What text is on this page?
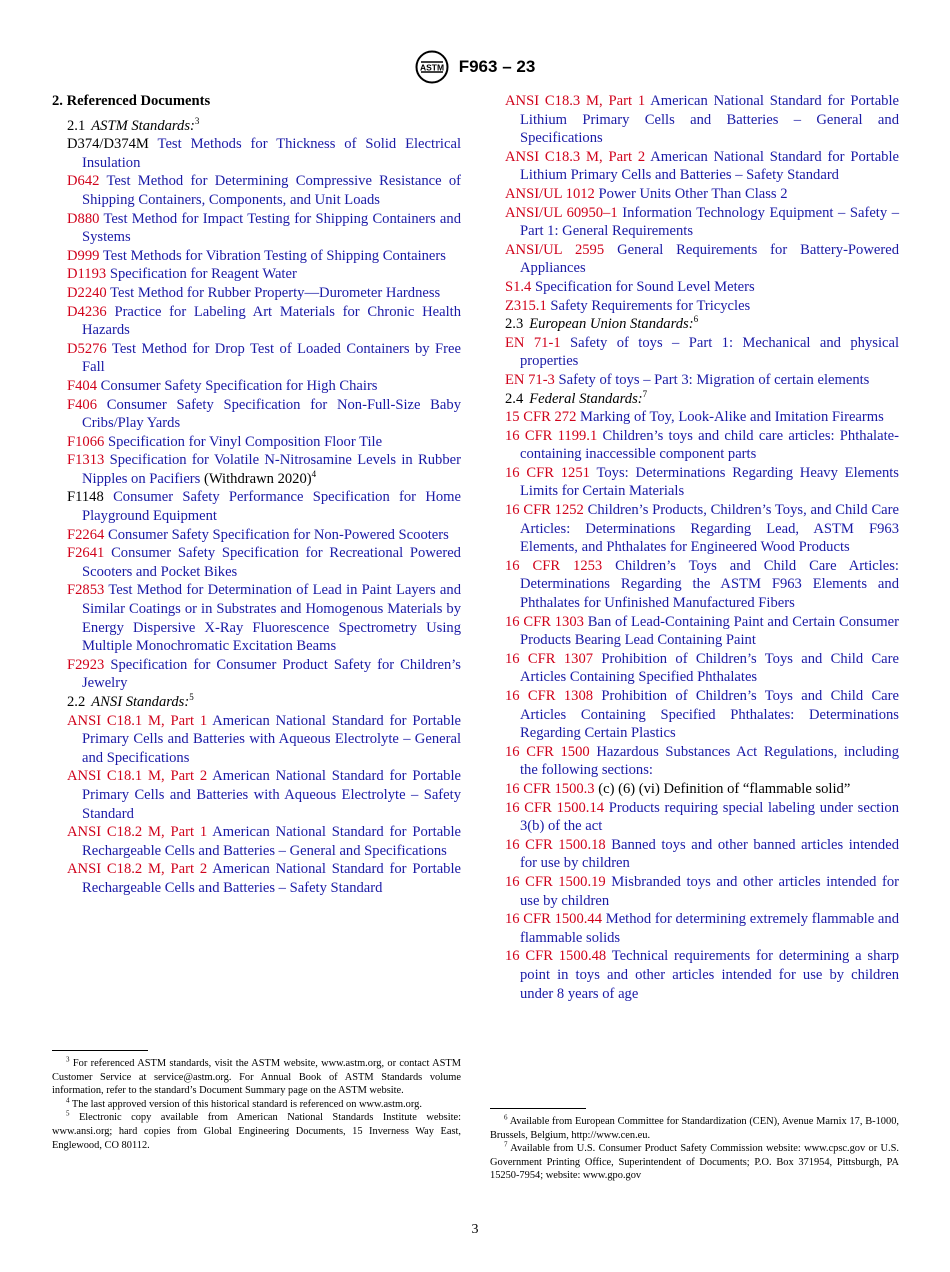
ASTM F963 – 23
2. Referenced Documents
2.1 ASTM Standards:$^3$
D374/D374M Test Methods for Thickness of Solid Electrical Insulation
D642 Test Method for Determining Compressive Resistance of Shipping Containers, Components, and Unit Loads
D880 Test Method for Impact Testing for Shipping Containers and Systems
D999 Test Methods for Vibration Testing of Shipping Containers
D1193 Specification for Reagent Water
D2240 Test Method for Rubber Property—Durometer Hardness
D4236 Practice for Labeling Art Materials for Chronic Health Hazards
D5276 Test Method for Drop Test of Loaded Containers by Free Fall
F404 Consumer Safety Specification for High Chairs
F406 Consumer Safety Specification for Non-Full-Size Baby Cribs/Play Yards
F1066 Specification for Vinyl Composition Floor Tile
F1313 Specification for Volatile N-Nitrosamine Levels in Rubber Nipples on Pacifiers (Withdrawn 2020)$^4$
F1148 Consumer Safety Performance Specification for Home Playground Equipment
F2264 Consumer Safety Specification for Non-Powered Scooters
F2641 Consumer Safety Specification for Recreational Powered Scooters and Pocket Bikes
F2853 Test Method for Determination of Lead in Paint Layers and Similar Coatings or in Substrates and Homogenous Materials by Energy Dispersive X-Ray Fluorescence Spectrometry Using Multiple Monochromatic Excitation Beams
F2923 Specification for Consumer Product Safety for Children’s Jewelry
2.2 ANSI Standards:$^5$
ANSI C18.1 M, Part 1 American National Standard for Portable Primary Cells and Batteries with Aqueous Electrolyte – General and Specifications
ANSI C18.1 M, Part 2 American National Standard for Portable Primary Cells and Batteries with Aqueous Electrolyte – Safety Standard
ANSI C18.2 M, Part 1 American National Standard for Portable Rechargeable Cells and Batteries – General and Specifications
ANSI C18.2 M, Part 2 American National Standard for Portable Rechargeable Cells and Batteries – Safety Standard
ANSI C18.3 M, Part 1 American National Standard for Portable Lithium Primary Cells and Batteries – General and Specifications
ANSI C18.3 M, Part 2 American National Standard for Portable Lithium Primary Cells and Batteries – Safety Standard
ANSI/UL 1012 Power Units Other Than Class 2
ANSI/UL 60950–1 Information Technology Equipment – Safety – Part 1: General Requirements
ANSI/UL 2595 General Requirements for Battery-Powered Appliances
S1.4 Specification for Sound Level Meters
Z315.1 Safety Requirements for Tricycles
2.3 European Union Standards:$^6$
EN 71-1 Safety of toys – Part 1: Mechanical and physical properties
EN 71-3 Safety of toys – Part 3: Migration of certain elements
2.4 Federal Standards:$^7$
15 CFR 272 Marking of Toy, Look-Alike and Imitation Firearms
16 CFR 1199.1 Children’s toys and child care articles: Phthalate-containing inaccessible component parts
16 CFR 1251 Toys: Determinations Regarding Heavy Elements Limits for Certain Materials
16 CFR 1252 Children’s Products, Children’s Toys, and Child Care Articles: Determinations Regarding Lead, ASTM F963 Elements, and Phthalates for Engineered Wood Products
16 CFR 1253 Children’s Toys and Child Care Articles: Determinations Regarding the ASTM F963 Elements and Phthalates for Unfinished Manufactured Fibers
16 CFR 1303 Ban of Lead-Containing Paint and Certain Consumer Products Bearing Lead Containing Paint
16 CFR 1307 Prohibition of Children’s Toys and Child Care Articles Containing Specified Phthalates
16 CFR 1308 Prohibition of Children’s Toys and Child Care Articles Containing Specified Phthalates: Determinations Regarding Certain Plastics
16 CFR 1500 Hazardous Substances Act Regulations, including the following sections:
16 CFR 1500.3 (c) (6) (vi) Definition of “flammable solid”
16 CFR 1500.14 Products requiring special labeling under section 3(b) of the act
16 CFR 1500.18 Banned toys and other banned articles intended for use by children
16 CFR 1500.19 Misbranded toys and other articles intended for use by children
16 CFR 1500.44 Method for determining extremely flammable and flammable solids
16 CFR 1500.48 Technical requirements for determining a sharp point in toys and other articles intended for use by children under 8 years of age
$^3$ For referenced ASTM standards, visit the ASTM website, www.astm.org, or contact ASTM Customer Service at service@astm.org. For Annual Book of ASTM Standards volume information, refer to the standard’s Document Summary page on the ASTM website.
$^4$ The last approved version of this historical standard is referenced on www.astm.org.
$^5$ Electronic copy available from American National Standards Institute website: www.ansi.org; hard copies from Global Engineering Documents, 15 Inverness Way East, Englewood, CO 80112.
$^6$ Available from European Committee for Standardization (CEN), Avenue Marnix 17, B-1000, Brussels, Belgium, http://www.cen.eu.
$^7$ Available from U.S. Consumer Product Safety Commission website: www.cpsc.gov or U.S. Government Printing Office, Superintendent of Documents; P.O. Box 371954, Pittsburgh, PA 15250-7954; website: www.gpo.gov
3
